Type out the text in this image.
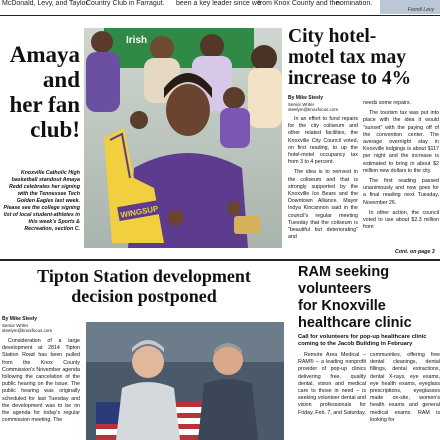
McDonald, Levy, and Taylor
Country Club in Farragut. been a key leader since we
from Knox County and the
nomination.
Farrell Levy
Amaya
and
her fan
club!
Knoxville Catholic High basketball standout Amaya Redd celebrates her signing with the Tennessee Tech Golden Eagles last week. Please see the college signing list of local student-athletes in this week's Sports & Recreation, section C.
Irish
WINGSUP
City hotel-
motel tax may
increase to 4%
By Mike Steely
Senior Writer
steelym@knoxfocus.com

In an effort to fund repairs for the city coliseum and other related facilities, the Knoxville City Council voted, on first reading, to up the hotel-motel occupancy tax from 3 to 4 percent.

The idea is to reinvest in the coliseum and that is strongly supported by the Knoxville Ice Bears and the Downtown Alliance. Mayor Indya Kincannon said in the council's regular meeting Tuesday that the coliseum is "beautiful but deteriorating" and

needs some repairs.

The tourism tax was put into place with the idea it would "sunset" with the paying off of the convention center. The average overnight stay in Knoxville lodgings is about $117 per night and the increase is estimated to bring in about $2 million new dollars to the city.

The first reading passed unanimously and now goes for a final reading next Tuesday, November 26.

In other action, the council voted to use about $2.3 million from

Cont. on page 3
Tipton Station development
decision postponed
By Mike Steely
Senior Writer
steelym@knoxfocus.com
Consideration of a large development at 2814 Tipton Station Road has been pulled from the Knox County Commission's November agenda following the cancelation of the public hearing on the issue. The public hearing was originally scheduled for last Tuesday and the development was to be on the agenda for today's regular commission meeting. The
RAM seeking
volunteers
for Knoxville
healthcare clinic
Call for volunteers for pop-up healthcare clinic coming to the Jacob Building in February
Remote Area Medical – RAM® – a leading nonprofit provider of pop-up clinics delivering free, quality dental, vision and medical care to those in need – is seeking volunteer dental and vision professionals for Friday, Feb. 7, and Saturday,
communities, offering free dental cleanings, dental fillings, dental extractions, dental X-rays, eye exams, eye health exams, eyeglass prescriptions, eyeglasses made on-site, women's health exams and general medical exams. RAM is looking for
